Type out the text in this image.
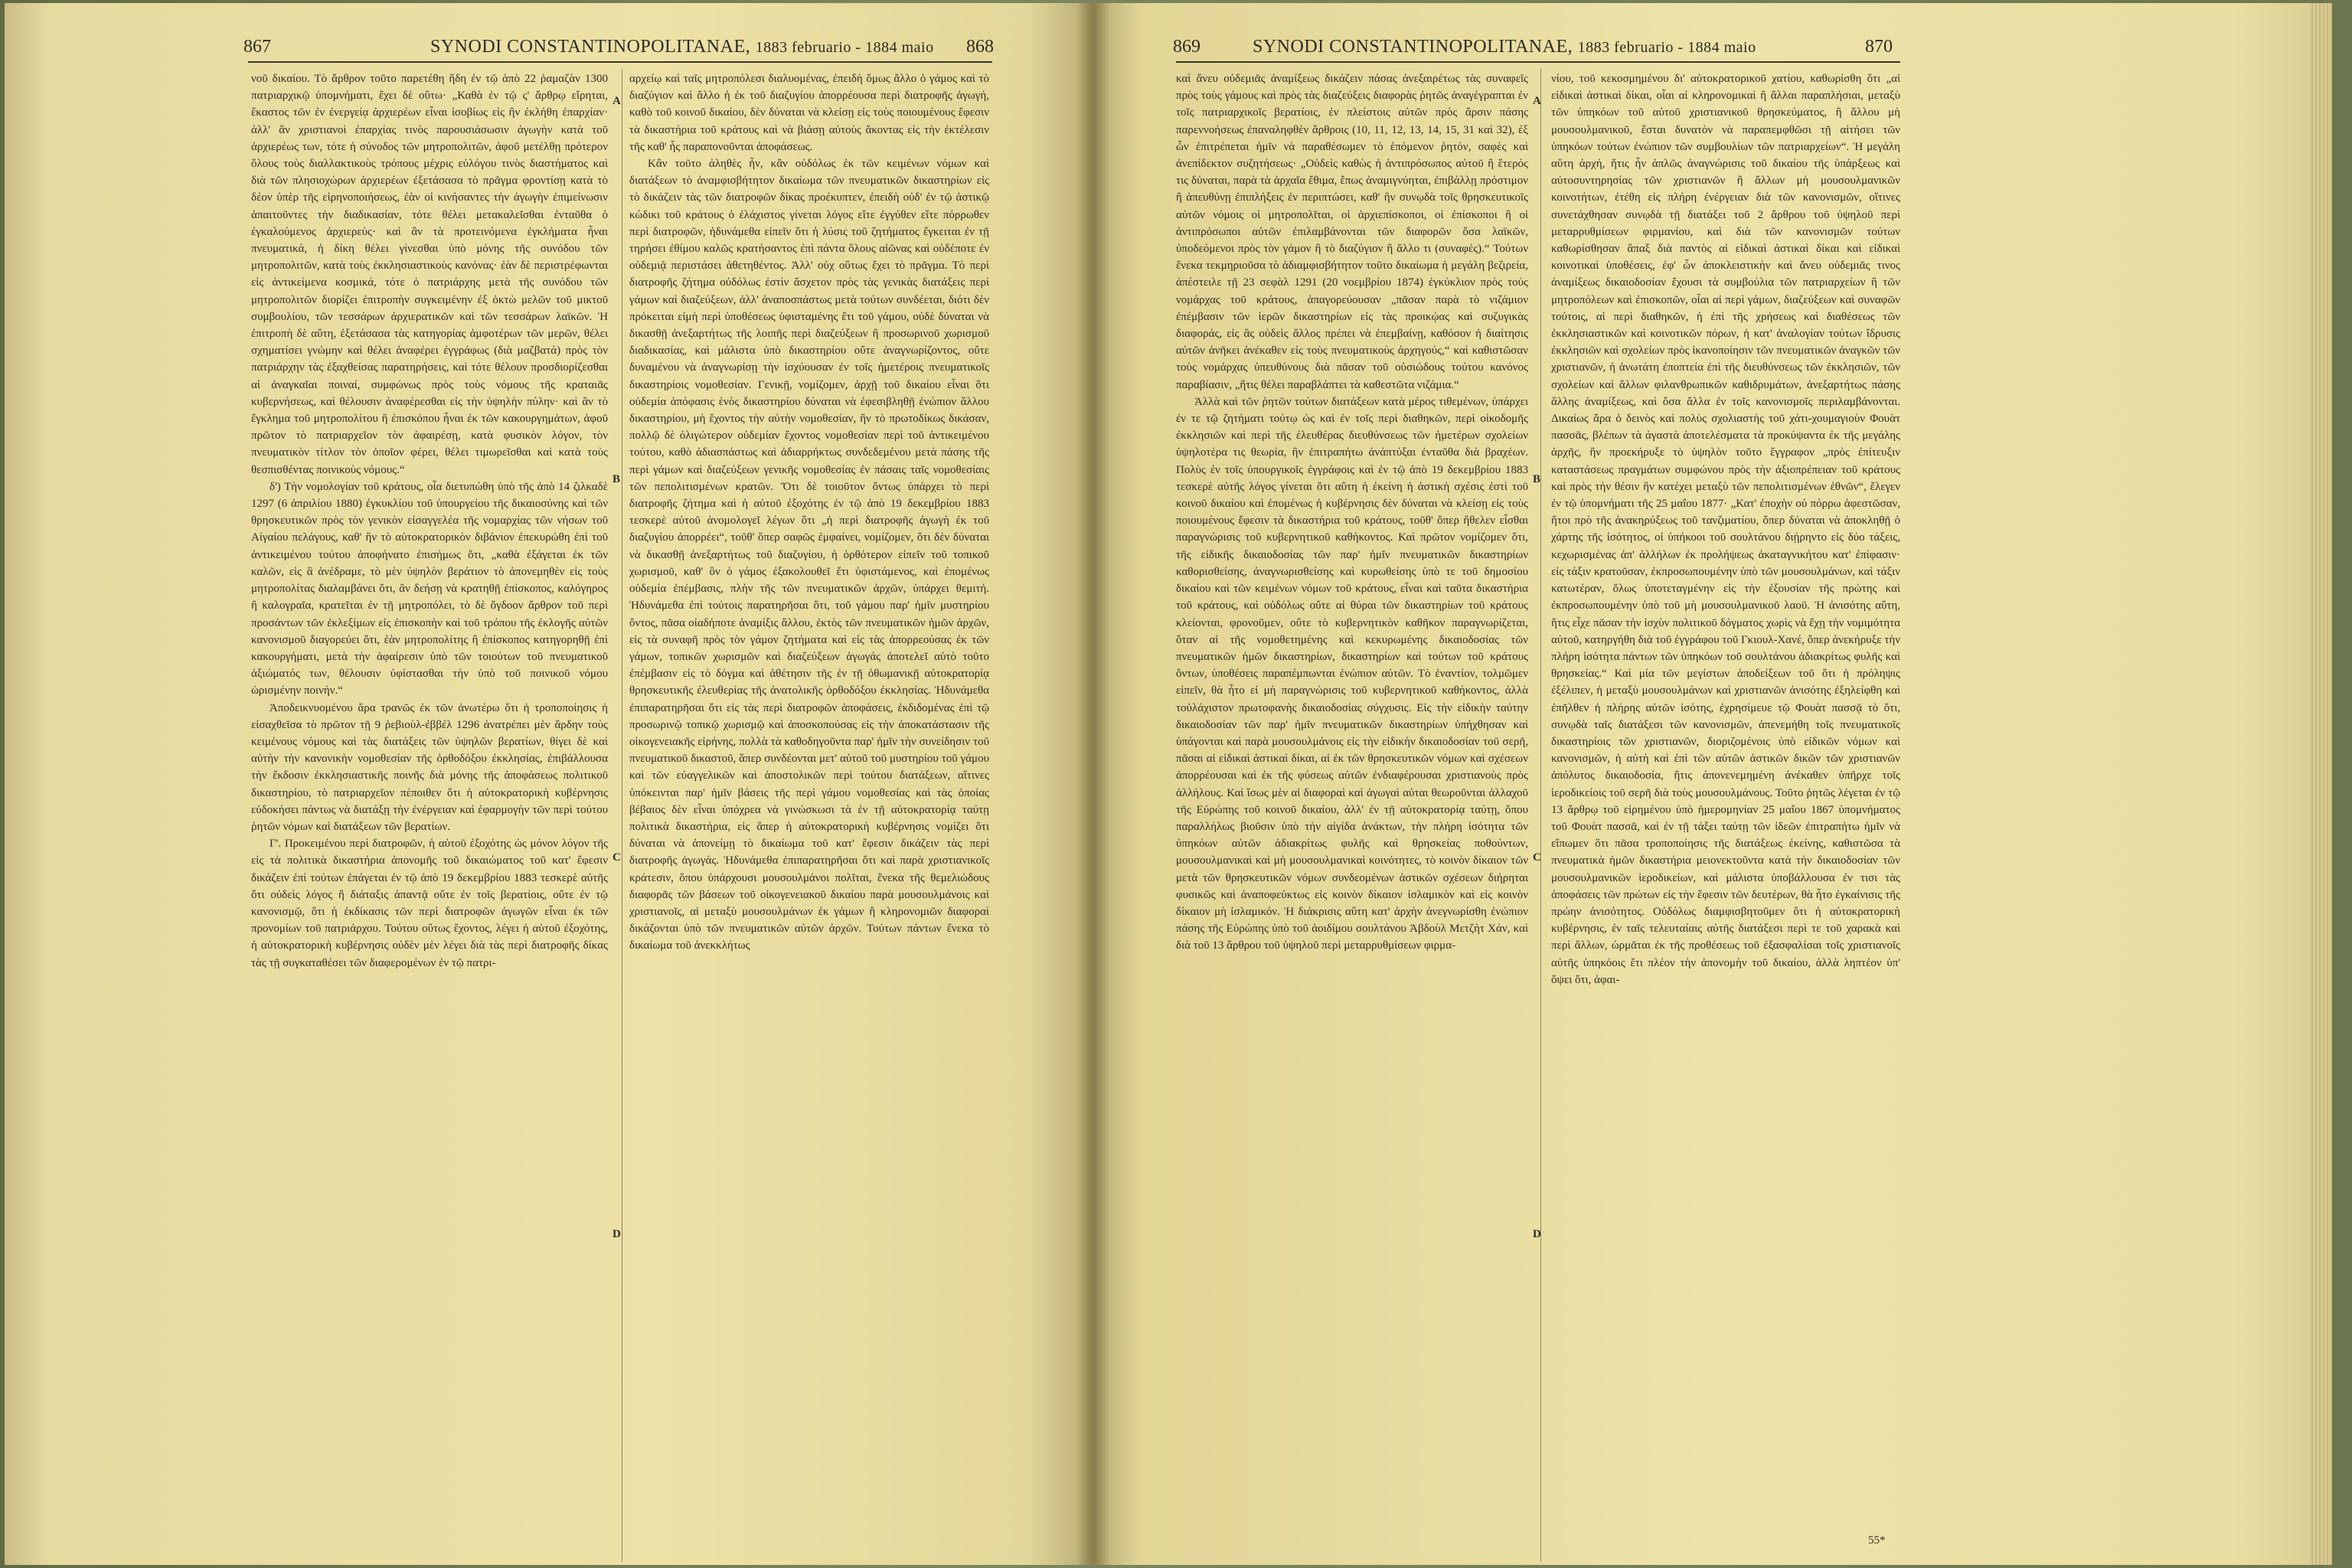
867	SYNODI CONSTANTINOPOLITANAE, 1883 februario - 1884 maio 868

νοῦ δικαίου. Τὸ ἄρθρον τοῦτο παρετέθη ἤδη ἐν τῷ ἀπὸ 22 ῥαμαζὰν 1300 πατριαρχικῷ ὑπομνήματι, ἔχει δὲ οὕτω· „Καθὰ ἐν τῷ ς' ἄρθρῳ εἴρηται, ἕκαστος τῶν ἐν ἐνεργείᾳ ἀρχιερέων εἶναι ἰσοβίως εἰς ἣν ἐκλήθη ἐπαρχίαν· ἀλλ' ἂν χριστιανοὶ ἐπαρχίας τινὸς παρουσιάσωσιν ἀγωγὴν κατὰ τοῦ ἀρχιερέως των, τότε ἡ σύνοδος τῶν μητροπολιτῶν, ἀφοῦ μετέλθῃ πρότερον ὅλους τοὺς διαλλακτικοὺς τρόπους μέχρις εὐλόγου τινὸς διαστήματος καὶ διὰ τῶν πλησιοχώρων ἀρχιερέων ἐξετάσασα τὸ πρᾶγμα φροντίσῃ κατὰ τὸ δέον ὑπὲρ τῆς εἰρηνοποιήσεως, ἐὰν οἱ κινήσαντες τὴν ἀγωγὴν ἐπιμείνωσιν ἀπαιτοῦντες τὴν διαδικασίαν, τότε θέλει μετακαλεῖσθαι ἐνταῦθα ὁ ἐγκαλούμενος ἀρχιερεὺς· καὶ ἂν τὰ προτεινόμενα ἐγκλήματα ἦναι πνευματικά, ἡ δίκη θέλει γίνεσθαι ὑπὸ μόνης τῆς συνόδου τῶν μητροπολιτῶν, κατὰ τοὺς ἐκκλησιαστικοὺς κανόνας· ἐὰν δὲ περιστρέφωνται εἰς ἀντικείμενα κοσμικά, τότε ὁ πατριάρχης μετὰ τῆς συνόδου τῶν μητροπολιτῶν διορίζει ἐπιτροπὴν συγκειμένην ἐξ ὀκτὼ μελῶν τοῦ μικτοῦ συμβουλίου, τῶν τεσσάρων ἀρχιερατικῶν καὶ τῶν τεσσάρων λαϊκῶν. Ἡ ἐπιτροπὴ δὲ αὕτη, ἐξετάσασα τὰς κατηγορίας ἀμφοτέρων τῶν μερῶν, θέλει σχηματίσει γνώμην καὶ θέλει ἀναφέρει ἐγγράφως (διὰ μαζβατά) πρὸς τὸν πατριάρχην τὰς ἐξαχθείσας παρατηρήσεις, καὶ τότε θέλουν προσδιορίζεσθαι αἱ ἀναγκαῖαι ποιναί, συμφώνως πρὸς τοὺς νόμους τῆς κραταιᾶς κυβερνήσεως, καὶ θέλουσιν ἀναφέρεσθαι εἰς τὴν ὑψηλὴν πύλην· καὶ ἂν τὸ ἔγκλημα τοῦ μητροπολίτου ἢ ἐπισκόπου ἦναι ἐκ τῶν κακουργημάτων, ἀφοῦ πρῶτον τὸ πατριαρχεῖον τὸν ἀφαιρέσῃ, κατὰ φυσικὸν λόγον, τὸν πνευματικὸν τίτλον τὸν ὁποῖον φέρει, θέλει τιμωρεῖσθαι καὶ κατὰ τοὺς θεσπισθέντας ποινικοὺς νόμους.“

δ') Τὴν νομολογίαν τοῦ κράτους, οἷα διετυπώθη ὑπὸ τῆς ἀπὸ 14 ζιλκαδὲ 1297 (6 ἀπριλίου 1880) ἐγκυκλίου τοῦ ὑπουργείου τῆς δικαιοσύνης καὶ τῶν θρησκευτικῶν πρὸς τὸν γενικὸν εἰσαγγελέα τῆς νομαρχίας τῶν νήσων τοῦ Αἰγαίου πελάγους, καθ' ἣν τὸ αὐτοκρατορικὸν διβάνιον ἐπεκυρώθη ἐπὶ τοῦ ἀντικειμένου τούτου ἀποφήνατο ἐπισήμως ὅτι, „καθὰ ἐξάγεται ἐκ τῶν καλῶν, εἰς ἃ ἀνέδραμε, τὸ μὲν ὑψηλὸν βεράτιον τὸ ἀπονεμηθὲν εἰς τοὺς μητροπολίτας διαλαμβάνει ὅτι, ἂν δεήσῃ νὰ κρατηθῇ ἐπίσκοπος, καλόγηρος ἢ καλογραῖα, κρατεῖται ἐν τῇ μητροπόλει, τὸ δὲ ὄγδοον ἄρθρον τοῦ περὶ προσάντων τῶν ἐκλεξίμων εἰς ἐπισκοπὴν καὶ τοῦ τρόπου τῆς ἐκλογῆς αὐτῶν κανονισμοῦ διαγορεύει ὅτι, ἐὰν μητροπολίτης ἢ ἐπίσκοπος κατηγορηθῇ ἐπὶ κακουργήματι, μετὰ τὴν ἀφαίρεσιν ὑπὸ τῶν τοιούτων τοῦ πνευματικοῦ ἀξιώματός των, θέλουσιν ὑφίστασθαι τὴν ὑπὸ τοῦ ποινικοῦ νόμου ὡρισμένην ποινήν.“

Ἀποδεικνυομένου ἄρα τρανῶς ἐκ τῶν ἀνωτέρω ὅτι ἡ τροποποίησις ἡ εἰσαχθεῖσα τὸ πρῶτον τῇ 9 ῥεβιοὺλ-ἐββέλ 1296 ἀνατρέπει μὲν ἄρδην τοὺς κειμένους νόμους καὶ τὰς διατάξεις τῶν ὑψηλῶν βερατίων, θίγει δὲ καὶ αὐτὴν τὴν κανονικὴν νομοθεσίαν τῆς ὀρθοδόξου ἐκκλησίας, ἐπιβάλλουσα τὴν ἔκδοσιν ἐκκλησιαστικῆς ποινῆς διὰ μόνης τῆς ἀποφάσεως πολιτικοῦ δικαστηρίου, τὸ πατριαρχεῖον πέποιθεν ὅτι ἡ αὐτοκρατορικὴ κυβέρνησις εὐδοκήσει πάντως νὰ διατάξῃ τὴν ἐνέργειαν καὶ ἐφαρμογὴν τῶν περὶ τούτου ῥητῶν νόμων καὶ διατάξεων τῶν βερατίων.

Γ'. Προκειμένου περὶ διατροφῶν, ἡ αὐτοῦ ἐξοχότης ὡς μόνον λόγον τῆς εἰς τὰ πολιτικὰ δικαστήρια ἀπονομῆς τοῦ δικαιώματος τοῦ κατ' ἔφεσιν δικάζειν ἐπὶ τούτων ἐπάγεται ἐν τῷ ἀπὸ 19 δεκεμβρίου 1883 τεσκερὲ αὐτῆς ὅτι οὐδεὶς λόγος ἢ διάταξις ἀπαντᾷ οὔτε ἐν τοῖς βερατίοις, οὔτε ἐν τῷ κανονισμῷ, ὅτι ἡ ἐκδίκασις τῶν περὶ διατροφῶν ἀγωγῶν εἶναι ἐκ τῶν προνομίων τοῦ πατριάρχου. Τούτου οὕτως ἔχοντος, λέγει ἡ αὐτοῦ ἐξοχότης, ἡ αὐτοκρατορικὴ κυβέρνησις οὐδὲν μὲν λέγει διὰ τὰς περὶ διατροφῆς δίκας τὰς τῇ συγκαταθέσει τῶν διαφερομένων ἐν τῷ πατρι-

A
B
C
D

αρχείῳ καὶ ταῖς μητροπόλεσι διαλυομένας, ἐπειδὴ ὅμως ἄλλο ὁ γάμος καὶ τὸ διαζύγιον καὶ ἄλλο ἡ ἐκ τοῦ διαζυγίου ἀπορρέουσα περὶ διατροφῆς ἀγωγή, καθὸ τοῦ κοινοῦ δικαίου, δὲν δύναται νὰ κλείσῃ εἰς τοὺς ποιουμένους ἔφεσιν τὰ δικαστήρια τοῦ κράτους καὶ νὰ βιάσῃ αὐτοὺς ἄκοντας εἰς τὴν ἐκτέλεσιν τῆς καθ' ἧς παραπονοῦνται ἀποφάσεως.

Κἂν τοῦτο ἀληθὲς ἦν, κἂν οὐδόλως ἐκ τῶν κειμένων νόμων καὶ διατάξεων τὸ ἀναμφισβήτητον δικαίωμα τῶν πνευματικῶν δικαστηρίων εἰς τὸ δικάζειν τὰς τῶν διατροφῶν δίκας προέκυπτεν, ἐπειδὴ οὐδ' ἐν τῷ ἀστικῷ κώδικι τοῦ κράτους ὁ ἐλάχιστος γίνεται λόγος εἴτε ἐγγύθεν εἴτε πόρρωθεν περὶ διατροφῶν, ἠδυνάμεθα εἰπεῖν ὅτι ἡ λύσις τοῦ ζητήματος ἔγκειται ἐν τῇ τηρήσει ἐθίμου καλῶς κρατήσαντος ἐπὶ πάντα ὅλους αἰῶνας καὶ οὐδέποτε ἐν οὐδεμιᾷ περιστάσει ἀθετηθέντος. Ἀλλ' οὐχ οὕτως ἔχει τὸ πρᾶγμα. Τὸ περὶ διατροφῆς ζήτημα οὐδόλως ἐστὶν ἄσχετον πρὸς τὰς γενικὰς διατάξεις περὶ γάμων καὶ διαζεύξεων, ἀλλ' ἀναποσπάστως μετὰ τούτων συνδέεται, διότι δὲν πρόκειται εἰμὴ περὶ ὑποθέσεως ὑφισταμένης ἔτι τοῦ γάμου, οὐδὲ δύναται νὰ δικασθῇ ἀνεξαρτήτως τῆς λοιπῆς περὶ διαζεύξεων ἢ προσωρινοῦ χωρισμοῦ διαδικασίας, καὶ μάλιστα ὑπὸ δικαστηρίου οὔτε ἀναγνωρίζοντος, οὔτε δυναμένου νὰ ἀναγνωρίσῃ τὴν ἰσχύουσαν ἐν τοῖς ἡμετέροις πνευματικοῖς δικαστηρίοις νομοθεσίαν. Γενικῇ, νομίζομεν, ἀρχῇ τοῦ δικαίου εἶναι ὅτι οὐδεμία ἀπόφασις ἑνὸς δικαστηρίου δύναται νὰ ἐφεσιβληθῇ ἐνώπιον ἄλλου δικαστηρίου, μὴ ἔχοντος τὴν αὐτὴν νομοθεσίαν, ἣν τὸ πρωτοδίκως δικάσαν, πολλῷ δὲ ὀλιγώτερον οὐδεμίαν ἔχοντος νομοθεσίαν περὶ τοῦ ἀντικειμένου τούτου, καθὸ ἀδιασπάστως καὶ ἀδιαρρήκτως συνδεδεμένου μετὰ πάσης τῆς περὶ γάμων καὶ διαζεύξεων γενικῆς νομοθεσίας ἐν πάσαις ταῖς νομοθεσίαις τῶν πεπολιτισμένων κρατῶν. Ὅτι δὲ τοιοῦτον ὄντως ὑπάρχει τὸ περὶ διατροφῆς ζήτημα καὶ ἡ αὐτοῦ ἐξοχότης ἐν τῷ ἀπὸ 19 δεκεμβρίου 1883 τεσκερὲ αὐτοῦ ἀνομολογεῖ λέγων ὅτι „ἡ περὶ διατροφῆς ἀγωγὴ ἐκ τοῦ διαζυγίου ἀπορρέει“, τοῦθ' ὅπερ σαφῶς ἐμφαίνει, νομίζομεν, ὅτι δὲν δύναται νὰ δικασθῇ ἀνεξαρτήτως τοῦ διαζυγίου, ἡ ὁρθότερον εἰπεῖν τοῦ τοπικοῦ χωρισμοῦ, καθ' ὃν ὁ γάμος ἐξακολουθεῖ ἔτι ὑφιστάμενος, καὶ ἐπομένως οὐδεμία ἐπέμβασις, πλὴν τῆς τῶν πνευματικῶν ἀρχῶν, ὑπάρχει θεμιτή. Ἠδυνάμεθα ἐπὶ τούτοις παρατηρῆσαι ὅτι, τοῦ γάμου παρ' ἡμῖν μυστηρίου ὄντος, πᾶσα οἰαδήποτε ἀναμίξις ἄλλου, ἐκτὸς τῶν πνευματικῶν ἡμῶν ἀρχῶν, εἰς τὰ συναφῆ πρὸς τὸν γάμον ζητήματα καὶ εἰς τὰς ἀπορρεούσας ἐκ τῶν γάμων, τοπικῶν χωρισμῶν καὶ διαζεύξεων ἀγωγάς ἀποτελεῖ αὐτὸ τοῦτο ἐπέμβασιν εἰς τὸ δόγμα καὶ ἀθέτησιν τῆς ἐν τῇ ὀθωμανικῇ αὐτοκρατορίᾳ θρησκευτικῆς ἐλευθερίας τῆς ἀνατολικῆς ὀρθοδόξου ἐκκλησίας. Ἠδυνάμεθα ἐπιπαρατηρῆσαι ὅτι εἰς τὰς περὶ διατροφῶν ἀποφάσεις, ἐκδιδομένας ἐπὶ τῷ προσωρινῷ τοπικῷ χωρισμῷ καὶ ἀποσκοπούσας εἰς τὴν ἀποκατάστασιν τῆς οἰκογενειακῆς εἰρήνης, πολλὰ τὰ καθοδηγοῦντα παρ' ἡμῖν τὴν συνείδησιν τοῦ πνευματικοῦ δικαστοῦ, ἅπερ συνδέονται μετ' αὐτοῦ τοῦ μυστηρίου τοῦ γάμου καὶ τῶν εὐαγγελικῶν καὶ ἀποστολικῶν περὶ τούτου διατάξεων, αἵτινες ὑπόκεινται παρ' ἡμῖν βάσεις τῆς περὶ γάμου νομοθεσίας καὶ τὰς ὁποίας βέβαιος δὲν εἶναι ὑπόχρεα νὰ γινώσκωσι τὰ ἐν τῇ αὐτοκρατορίᾳ ταύτῃ πολιτικὰ δικαστήρια, εἰς ἅπερ ἡ αὐτοκρατορικὴ κυβέρνησις νομίζει ὅτι δύναται νὰ ἀπονείμῃ τὸ δικαίωμα τοῦ κατ' ἔφεσιν δικάζειν τὰς περὶ διατροφῆς ἀγωγάς. Ἠδυνάμεθα ἐπιπαρατηρῆσαι ὅτι καὶ παρὰ χριστιανικοῖς κράτεσιν, ὅπου ὑπάρχουσι μουσουλμάνοι πολῖται, ἕνεκα τῆς θεμελιώδους διαφορᾶς τῶν βάσεων τοῦ οἰκογενειακοῦ δικαίου παρὰ μουσουλμάνοις καὶ χριστιανοῖς, αἱ μεταξὺ μουσουλμάνων ἐκ γάμων ἢ κληρονομιῶν διαφοραὶ δικάζονται ὑπὸ τῶν πνευματικῶν αὐτῶν ἀρχῶν. Τούτων πάντων ἕνεκα τὸ δικαίωμα τοῦ ἀνεκκλήτως

869	SYNODI CONSTANTINOPOLITANAE, 1883 februario - 1884 maio	870

καὶ ἄνευ οὐδεμιᾶς ἀναμίξεως δικάζειν πάσας ἀνεξαιρέτως τὰς συναφεῖς πρὸς τοὺς γάμους καὶ πρὸς τὰς διαζεύξεις διαφορὰς ῥητῶς ἀναγέγραπται ἐν τοῖς πατριαρχικοῖς βερατίοις, ἐν πλείστοις αὐτῶν πρὸς ἄρσιν πάσης παρεννοήσεως ἐπαναληφθὲν ἄρθροις (10, 11, 12, 13, 14, 15, 31 καὶ 32), ἐξ ὧν ἐπιτρέπεται ἡμῖν νὰ παραθέσωμεν τὸ ἑπόμενον ῥητόν, σαφὲς καὶ ἀνεπίδεκτον συζητήσεως· „Οὐδεὶς καθὼς ἡ ἀντιπρόσωπος αὐτοῦ ἢ ἕτερός τις δύναται, παρὰ τὰ ἀρχαῖα ἔθιμα, ἔπως ἀναμιγνύηται, ἐπιβάλλῃ πρόστιμον ἢ ἀπευθύνῃ ἐπιπλήξεις ἐν περιπτώσει, καθ' ἣν συνῳδὰ τοῖς θρησκευτικοῖς αὐτῶν νόμοις οἱ μητροπολῖται, οἱ ἀρχιεπίσκοποι, οἱ ἐπίσκοποι ἢ οἱ ἀντιπρόσωποι αὐτῶν ἐπιλαμβάνονται τῶν διαφορῶν ὅσα λαϊκῶν, ὑποδεόμενοι πρὸς τὸν γάμον ἢ τὸ διαζύγιον ἢ ἄλλο τι (συναφές).“ Τούτων ἕνεκα τεκμηριοῦσα τὸ ἀδιαμφισβήτητον τοῦτο δικαίωμα ἡ μεγάλη βεζιρεία, ἀπέστειλε τῇ 23 σεφὰλ 1291 (20 νοεμβρίου 1874) ἐγκύκλιον πρὸς τοὺς νομάρχας τοῦ κράτους, ἀπαγορεύουσαν „πᾶσαν παρὰ τὸ νιζάμιον ἐπέμβασιν τῶν ἱερῶν δικαστηρίων εἰς τὰς προικῴας καὶ συζυγικὰς διαφοράς, εἰς ἃς οὐδεὶς ἄλλος πρέπει νὰ ἐπεμβαίνῃ, καθόσον ἡ διαίτησις αὐτῶν ἀνῆκει ἀνέκαθεν εἰς τοὺς πνευματικοὺς ἀρχηγούς,“ καὶ καθιστῶσαν τοὺς νομάρχας ὑπευθύνους διὰ πᾶσαν τοῦ οὐσιώδους τούτου κανόνος παραβίασιν, „ἥτις θέλει παραβλάπτει τὰ καθεστῶτα νιζάμια.“

Ἀλλὰ καὶ τῶν ῥητῶν τούτων διατάξεων κατὰ μέρος τιθεμένων, ὑπάρχει ἐν τε τῷ ζητήματι τούτῳ ὡς καὶ ἐν τοῖς περὶ διαθηκῶν, περὶ οἰκοδομῆς ἐκκλησιῶν καὶ περὶ τῆς ἐλευθέρας διευθύνσεως τῶν ἡμετέρων σχολείων ὑψηλοτέρα τις θεωρία, ἣν ἐπιτραπήτω ἀνάπτύξαι ἐνταῦθα διὰ βραχέων. Πολὺς ἐν τοῖς ὑπουργικοῖς ἐγγράφοις καὶ ἐν τῷ ἀπὸ 19 δεκεμβρίου 1883 τεσκερὲ αὐτῆς λόγος γίνεται ὅτι αὕτη ἡ ἐκείνη ἡ ἀστικὴ σχέσις ἐστὶ τοῦ κοινοῦ δικαίου καὶ ἐπομένως ἡ κυβέρνησις δὲν δύναται νὰ κλείσῃ εἰς τοὺς ποιουμένους ἔφεσιν τὰ δικαστήρια τοῦ κράτους, τοῦθ' ὅπερ ἤθελεν εἶσθαι παραγνώρισις τοῦ κυβερνητικοῦ καθήκοντος. Καὶ πρῶτον νομίζομεν ὅτι, τῆς εἰδικῆς δικαιοδοσίας τῶν παρ' ἡμῖν πνευματικῶν δικαστηρίων καθορισθείσης, ἀναγνωρισθείσης καὶ κυρωθείσης ὑπὸ τε τοῦ δημοσίου δικαίου καὶ τῶν κειμένων νόμων τοῦ κράτους, εἶναι καὶ ταῦτα δικαστήρια τοῦ κράτους, καὶ οὐδόλως οὔτε αἱ θύραι τῶν δικαστηρίων τοῦ κράτους κλείονται, φρονοῦμεν, οὔτε τὸ κυβερνητικὸν καθῆκον παραγνωρίζεται, ὅταν αἱ τῆς νομοθετημένης καὶ κεκυρωμένης δικαιοδοσίας τῶν πνευματικῶν ἡμῶν δικαστηρίων, δικαστηρίων καὶ τούτων τοῦ κράτους ὄντων, ὑποθέσεις παραπέμπωνται ἐνώπιον αὐτῶν. Τὸ ἐναντίον, τολμῶμεν εἰπεῖν, θὰ ἦτο εἰ μὴ παραγνώρισις τοῦ κυβερνητικοῦ καθήκοντος, ἀλλὰ τοὐλάχιστον πρωτοφανὴς δικαιοδοσίας σύγχυσις. Εἰς τὴν εἰδικὴν ταύτην δικαιοδοσίαν τῶν παρ' ἡμῖν πνευματικῶν δικαστηρίων ὑπήχθησαν καὶ ὑπάγονται καὶ παρὰ μουσουλμάνοις εἰς τὴν εἰδικὴν δικαιοδοσίαν τοῦ σερῆ, πᾶσαι αἱ εἰδικαὶ ἀστικαὶ δίκαι, αἱ ἐκ τῶν θρησκευτικῶν νόμων καὶ σχέσεων ἀπορρέουσαι καὶ ἐκ τῆς φύσεως αὐτῶν ἐνδιαφέρουσαι χριστιανοὺς πρὸς ἀλλήλους. Καὶ ἴσως μὲν αἱ διαφοραὶ καὶ ἀγωγαὶ αὐται θεωροῦνται ἀλλαχοῦ τῆς Εὐρώπης τοῦ κοινοῦ δικαίου, ἀλλ' ἐν τῇ αὐτοκρατορίᾳ ταύτῃ, ὅπου παραλλήλως βιοῦσιν ὑπὸ τὴν αἰγίδα ἀνάκτων, τὴν πλήρη ἰσότητα τῶν ὑπηκόων αὐτῶν ἀδιακρίτως φυλῆς καὶ θρησκείας ποθούντων, μουσουλμανικαὶ καὶ μὴ μουσουλμανικαὶ κοινότητες, τὸ κοινὸν δίκαιον τῶν μετὰ τῶν θρησκευτικῶν νόμων συνδεομένων ἀστικῶν σχέσεων διήρηται φυσικῶς καὶ ἀναποφεύκτως εἰς κοινὸν δίκαιον ἰσλαμικὸν καὶ εἰς κοινὸν δίκαιον μὴ ἰσλαμικόν. Ἡ διάκρισις αὕτη κατ' ἀρχὴν ἀνεγνωρίσθη ἐνώπιον πάσης τῆς Εὐρώπης ὑπὸ τοῦ ἀοιδίμου σουλτάνου Ἀβδοὺλ Μετζὴτ Χάν, καὶ διὰ τοῦ 13 ἄρθρου τοῦ ὑψηλοῦ περὶ μεταρρυθμίσεων φιρμα-

A
B
C
D

νίου, τοῦ κεκοσμημένου δι' αὐτοκρατορικοῦ χατίου, καθωρίσθη ὅτι „αἱ εἰδικαὶ ἀστικαὶ δίκαι, οἷαι αἱ κληρονομικαὶ ἢ ἄλλαι παραπλήσιαι, μεταξὺ τῶν ὑπηκόων τοῦ αὐτοῦ χριστιανικοῦ θρησκεύματος, ἢ ἄλλου μὴ μουσουλμανικοῦ, ἔσται δυνατὸν νὰ παραπεμφθῶσι τῇ αἰτήσει τῶν ὑπηκόων τούτων ἐνώπιον τῶν συμβουλίων τῶν πατριαρχείων“. Ἡ μεγάλη αὕτη ἀρχή, ἥτις ἦν ἁπλῶς ἀναγνώρισις τοῦ δικαίου τῆς ὑπάρξεως καὶ αὐτοσυντηρησίας τῶν χριστιανῶν ἢ ἄλλων μὴ μουσουλμανικῶν κοινοτήτων, ἐτέθη εἰς πλήρη ἐνέργειαν διὰ τῶν κανονισμῶν, οἵτινες συνετάχθησαν συνῳδὰ τῇ διατάξει τοῦ 2 ἄρθρου τοῦ ὑψηλοῦ περὶ μεταρρυθμίσεων φιρμανίου, καὶ διὰ τῶν κανονισμῶν τούτων καθωρίσθησαν ἅπαξ διὰ παντὸς αἱ εἰδικαὶ ἀστικαὶ δίκαι καὶ εἰδικαὶ κοινοτικαὶ ὑποθέσεις, ἐφ' ὧν ἀποκλειστικὴν καὶ ἄνευ οὐδεμιᾶς τινος ἀναμίξεως δικαιοδοσίαν ἔχουσι τὰ συμβούλια τῶν πατριαρχείων ἢ τῶν μητροπόλεων καὶ ἐπισκοπῶν, οἷαι αἱ περὶ γάμων, διαζεύξεων καὶ συναφῶν τούτοις, αἱ περὶ διαθηκῶν, ἡ ἐπὶ τῆς χρήσεως καὶ διαθέσεως τῶν ἐκκλησιαστικῶν καὶ κοινοτικῶν πόρων, ἡ κατ' ἀναλογίαν τούτων ἵδρυσις ἐκκλησιῶν καὶ σχολείων πρὸς ἱκανοποίησιν τῶν πνευματικῶν ἀναγκῶν τῶν χριστιανῶν, ἡ ἀνωτάτη ἐποπτεία ἐπὶ τῆς διευθύνσεως τῶν ἐκκλησιῶν, τῶν σχολείων καὶ ἄλλων φιλανθρωπικῶν καθιδρυμάτων, ἀνεξαρτήτως πάσης ἄλλης ἀναμίξεως, καὶ ὅσα ἄλλα ἐν τοῖς κανονισμοῖς περιλαμβάνονται. Δικαίως ἄρα ὁ δεινὸς καὶ πολὺς σχολιαστὴς τοῦ χάτι-χουμαγιοὺν Φουὰτ πασσᾶς, βλέπων τὰ ἀγαστὰ ἀποτελέσματα τὰ προκύψαντα ἐκ τῆς μεγάλης ἀρχῆς, ἣν προεκήρυξε τὸ ὑψηλὸν τοῦτο ἔγγραφον „πρὸς ἐπίτευξιν καταστάσεως πραγμάτων συμφώνου πρὸς τὴν ἀξιοπρέπειαν τοῦ κράτους καὶ πρὸς τὴν θέσιν ἣν κατέχει μεταξὺ τῶν πεπολιτισμένων ἐθνῶν“, ἔλεγεν ἐν τῷ ὑπομνήματι τῆς 25 μαΐου 1877· „Κατ' ἐποχὴν οὐ πόρρω ἀφεστῶσαν, ἤτοι πρὸ τῆς ἀνακηρύξεως τοῦ τανζιματίου, ὅπερ δύναται νὰ ἀποκληθῇ ὁ χάρτης τῆς ἰσότητος, οἱ ὑπήκοοι τοῦ σουλτάνου διῄρηντο εἰς δύο τάξεις, κεχωρισμένας ἀπ' ἀλλήλων ἐκ προλήψεως ἀκαταγνικήτου κατ' ἐπίφασιν· εἰς τάξιν κρατοῦσαν, ἐκπροσωπουμένην ὑπὸ τῶν μουσουλμάνων, καὶ τάξιν κατωτέραν, ὅλως ὑποτεταγμένην εἰς τὴν ἐξουσίαν τῆς πρώτης καὶ ἐκπροσωπουμένην ὑπὸ τοῦ μὴ μουσουλμανικοῦ λαοῦ. Ἡ ἀνισότης αὕτη, ἥτις εἶχε πᾶσαν τὴν ἰσχὺν πολιτικοῦ δόγματος χωρὶς νὰ ἔχῃ τὴν νομιμότητα αὐτοῦ, κατηργήθη διὰ τοῦ ἐγγράφου τοῦ Γκιουλ-Χανέ, ὅπερ ἀνεκήρυξε τὴν πλήρη ἰσότητα πάντων τῶν ὑπηκόων τοῦ σουλτάνου ἀδιακρίτως φυλῆς καὶ θρησκείας.“ Καὶ μία τῶν μεγίστων ἀποδείξεων τοῦ ὅτι ἡ πρόληψις ἐξέλιπεν, ἡ μεταξὺ μουσουλμάνων καὶ χριστιανῶν ἀνισότης ἐξηλείφθη καὶ ἐπῆλθεν ἡ πλήρης αὐτῶν ἰσότης, ἐχρησίμευε τῷ Φουὰτ πασσᾷ τὸ ὅτι, συνῳδὰ ταῖς διατάξεσι τῶν κανονισμῶν, ἀπενεμήθη τοῖς πνευματικοῖς δικαστηρίοις τῶν χριστιανῶν, διοριζομένοις ὑπὸ εἰδικῶν νόμων καὶ κανονισμῶν, ἡ αὐτὴ καὶ ἐπὶ τῶν αὐτῶν ἀστικῶν δικῶν τῶν χριστιανῶν ἀπόλυτος δικαιοδοσία, ἥτις ἀπονενεμημένη ἀνέκαθεν ὑπῆρχε τοῖς ἱεροδικείοις τοῦ σερῆ διὰ τοὺς μουσουλμάνους. Τοῦτο ῥητῶς λέγεται ἐν τῷ 13 ἄρθρῳ τοῦ εἰρημένου ὑπὸ ἡμερομηνίαν 25 μαΐου 1867 ὑπομνήματος τοῦ Φουὰτ πασσᾶ, καὶ ἐν τῇ τάξει ταύτῃ τῶν ἰδεῶν ἐπιτραπήτω ἡμῖν νὰ εἴπωμεν ὅτι πᾶσα τροποποίησις τῆς διατάξεως ἐκείνης, καθιστῶσα τὰ πνευματικὰ ἡμῶν δικαστήρια μειονεκτοῦντα κατὰ τὴν δικαιοδοσίαν τῶν μουσουλμανικῶν ἱεροδικείων, καὶ μάλιστα ὑποβάλλουσα ἐν τισι τὰς ἀποφάσεις τῶν πρώτων εἰς τὴν ἔφεσιν τῶν δευτέρων, θὰ ἦτο ἐγκαίνισις τῆς πρώην ἀνισότητος. Οὐδόλως διαμφισβητοῦμεν ὅτι ἡ αὐτοκρατορικὴ κυβέρνησις, ἐν ταῖς τελευταίαις αὐτῆς διατάξεσι περὶ τε τοῦ χαρακὰ καὶ περὶ ἄλλων, ὡρμᾶται ἐκ τῆς προθέσεως τοῦ ἐξασφαλίσαι τοῖς χριστιανοῖς αὐτῆς ὑπηκόοις ἔτι πλέον τὴν ἀπονομὴν τοῦ δικαίου, ἀλλὰ ληπτέον ὑπ' ὄψει ὅτι, ἀφαι-

55*
